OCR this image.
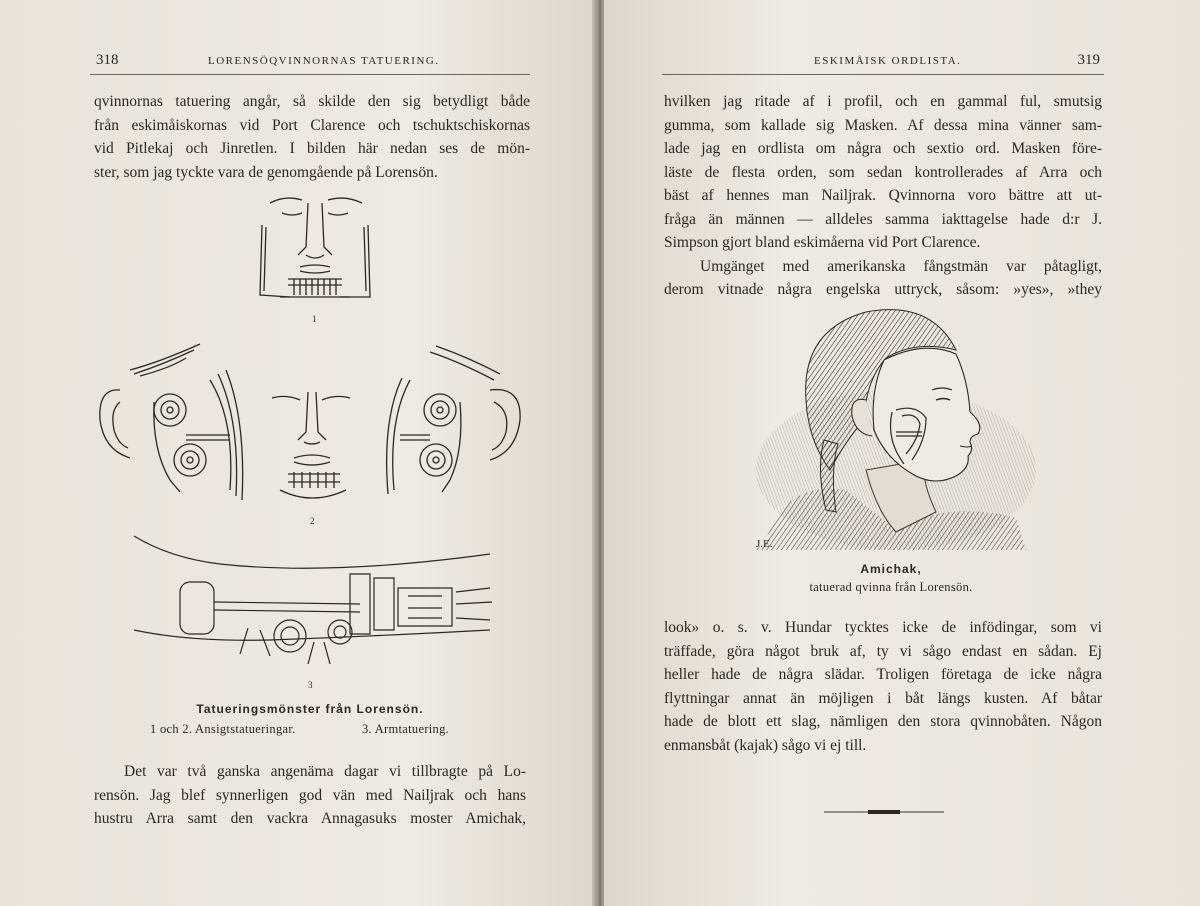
318	LORENSÖQVINNORNAS TATUERING.
qvinnornas tatuering angår, så skilde den sig betydligt både
från eskimåiskornas vid Port Clarence och tschuktschiskornas
vid Pitlekaj och Jinretlen. I bilden här nedan ses de mön-
ster, som jag tyckte vara de genomgående på Lorensön.
1
2
3
Tatueringsmönster från Lorensön.
1 och 2. Ansigtstatueringar.	3. Armtatuering.
Det var två ganska angenäma dagar vi tillbragte på Lo-
rensön. Jag blef synnerligen god vän med Nailjrak och hans
hustru Arra samt den vackra Annagasuks moster Amichak,
ESKIMÅISK ORDLISTA.	319
hvilken jag ritade af i profil, och en gammal ful, smutsig
gumma, som kallade sig Masken. Af dessa mina vänner sam-
lade jag en ordlista om några och sextio ord. Masken före-
läste de flesta orden, som sedan kontrollerades af Arra och
bäst af hennes man Nailjrak. Qvinnorna voro bättre att ut-
fråga än männen — alldeles samma iakttagelse hade d:r J.
Simpson gjort bland eskimåerna vid Port Clarence.
Umgänget med amerikanska fångstmän var påtagligt,
derom vitnade några engelska uttryck, såsom: »yes», »they
J.E.
Amichak,
tatuerad qvinna från Lorensön.
look» o. s. v. Hundar tycktes icke de infödingar, som vi
träffade, göra något bruk af, ty vi sågo endast en sådan. Ej
heller hade de några slädar. Troligen företaga de icke några
flyttningar annat än möjligen i båt längs kusten. Af båtar
hade de blott ett slag, nämligen den stora qvinnobåten. Någon
enmansbåt (kajak) sågo vi ej till.
